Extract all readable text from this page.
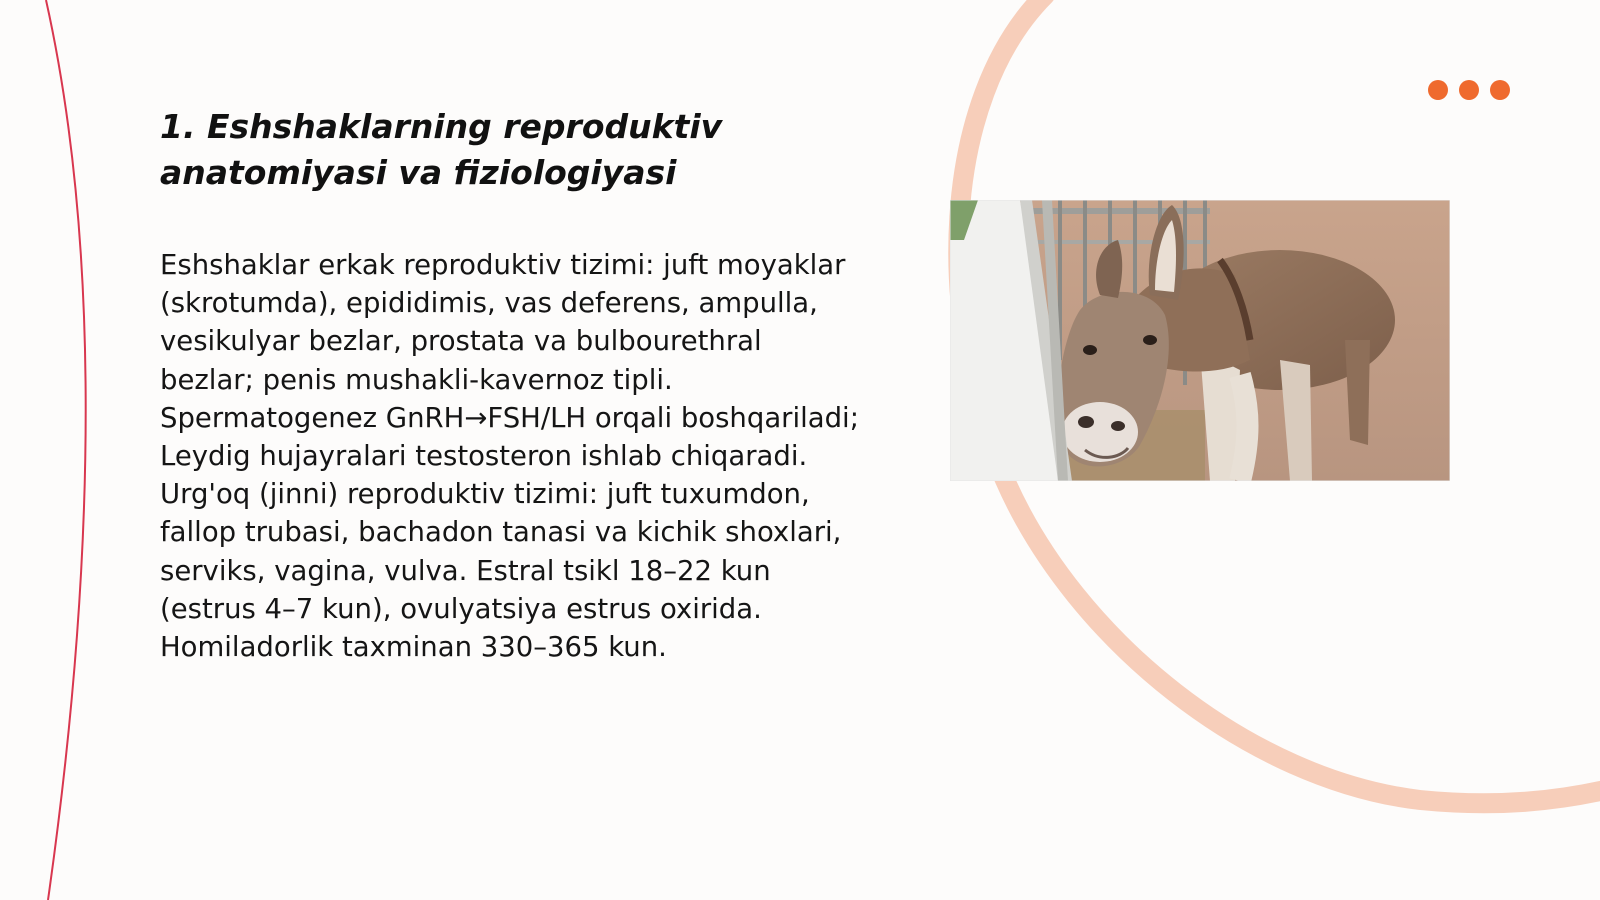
1. Eshshaklarning reproduktiv anatomiyasi va fiziologiyasi

Eshshaklar erkak reproduktiv tizimi: juft moyaklar (skrotumda), epididimis, vas deferens, ampulla, vesikulyar bezlar, prostata va bulbourethral bezlar; penis mushakli-kavernoz tipli. Spermatogenez GnRH→FSH/LH orqali boshqariladi; Leydig hujayralari testosteron ishlab chiqaradi. Urg'oq (jinni) reproduktiv tizimi: juft tuxumdon, fallop trubasi, bachadon tanasi va kichik shoxlari, serviks, vagina, vulva. Estral tsikl 18–22 kun (estrus 4–7 kun), ovulyatsiya estrus oxirida. Homiladorlik taxminan 330–365 kun.
